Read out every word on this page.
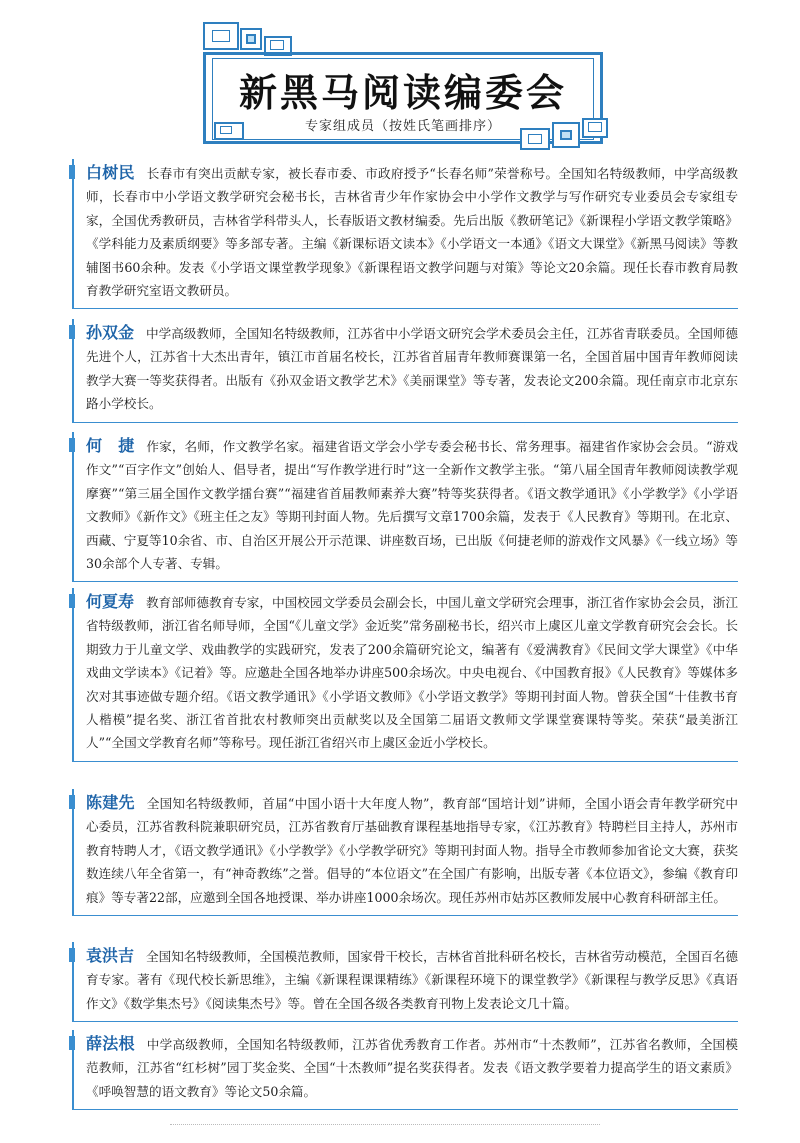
新黑马阅读编委会
专家组成员（按姓氏笔画排序）

白树民 长春市有突出贡献专家，被长春市委、市政府授予“长春名师”荣誉称号。全国知名特级教师，中学高级教师，长春市中小学语文教学研究会秘书长，吉林省青少年作家协会中小学作文教学与写作研究专业委员会专家组专家，全国优秀教研员，吉林省学科带头人，长春版语文教材编委。先后出版《教研笔记》《新课程小学语文教学策略》《学科能力及素质纲要》等多部专著。主编《新课标语文读本》《小学语文一本通》《语文大课堂》《新黑马阅读》等教辅图书60余种。发表《小学语文课堂教学现象》《新课程语文教学问题与对策》等论文20余篇。现任长春市教育局教育教学研究室语文教研员。

孙双金 中学高级教师，全国知名特级教师，江苏省中小学语文研究会学术委员会主任，江苏省青联委员。全国师德先进个人，江苏省十大杰出青年，镇江市首届名校长，江苏省首届青年教师赛课第一名，全国首届中国青年教师阅读教学大赛一等奖获得者。出版有《孙双金语文教学艺术》《美丽课堂》等专著，发表论文200余篇。现任南京市北京东路小学校长。

何　捷 作家，名师，作文教学名家。福建省语文学会小学专委会秘书长、常务理事。福建省作家协会会员。“游戏作文”“百字作文”创始人、倡导者，提出“写作教学进行时”这一全新作文教学主张。“第八届全国青年教师阅读教学观摩赛”“第三届全国作文教学擂台赛”“福建省首届教师素养大赛”特等奖获得者。《语文教学通讯》《小学教学》《小学语文教师》《新作文》《班主任之友》等期刊封面人物。先后撰写文章1700余篇，发表于《人民教育》等期刊。在北京、西藏、宁夏等10余省、市、自治区开展公开示范课、讲座数百场，已出版《何捷老师的游戏作文风暴》《一线立场》等30余部个人专著、专辑。

何夏寿 教育部师德教育专家，中国校园文学委员会副会长，中国儿童文学研究会理事，浙江省作家协会会员，浙江省特级教师，浙江省名师导师，全国“《儿童文学》金近奖”常务副秘书长，绍兴市上虞区儿童文学教育研究会会长。长期致力于儿童文学、戏曲教学的实践研究，发表了200余篇研究论文，编著有《爱满教育》《民间文学大课堂》《中华戏曲文学读本》《记着》等。应邀赴全国各地举办讲座500余场次。中央电视台、《中国教育报》《人民教育》等媒体多次对其事迹做专题介绍。《语文教学通讯》《小学语文教师》《小学语文教学》等期刊封面人物。曾获全国“十佳教书育人楷模”提名奖、浙江省首批农村教师突出贡献奖以及全国第二届语文教师文学课堂赛课特等奖。荣获“最美浙江人”“全国文学教育名师”等称号。现任浙江省绍兴市上虞区金近小学校长。

陈建先 全国知名特级教师，首届“中国小语十大年度人物”，教育部“国培计划”讲师，全国小语会青年教学研究中心委员，江苏省教科院兼职研究员，江苏省教育厅基础教育课程基地指导专家，《江苏教育》特聘栏目主持人，苏州市教育特聘人才，《语文教学通讯》《小学教学》《小学教学研究》等期刊封面人物。指导全市教师参加省论文大赛，获奖数连续八年全省第一，有“神奇教练”之誉。倡导的“本位语文”在全国广有影响，出版专著《本位语文》，参编《教育印痕》等专著22部，应邀到全国各地授课、举办讲座1000余场次。现任苏州市姑苏区教师发展中心教育科研部主任。

袁洪吉 全国知名特级教师，全国模范教师，国家骨干校长，吉林省首批科研名校长，吉林省劳动模范，全国百名德育专家。著有《现代校长新思维》，主编《新课程课课精练》《新课程环境下的课堂教学》《新课程与教学反思》《真语作文》《数学集杰号》《阅读集杰号》等。曾在全国各级各类教育刊物上发表论文几十篇。

薛法根 中学高级教师，全国知名特级教师，江苏省优秀教育工作者。苏州市“十杰教师”，江苏省名教师，全国模范教师，江苏省“红杉树”园丁奖金奖、全国“十杰教师”提名奖获得者。发表《语文教学要着力提高学生的语文素质》《呼唤智慧的语文教育》等论文50余篇。
